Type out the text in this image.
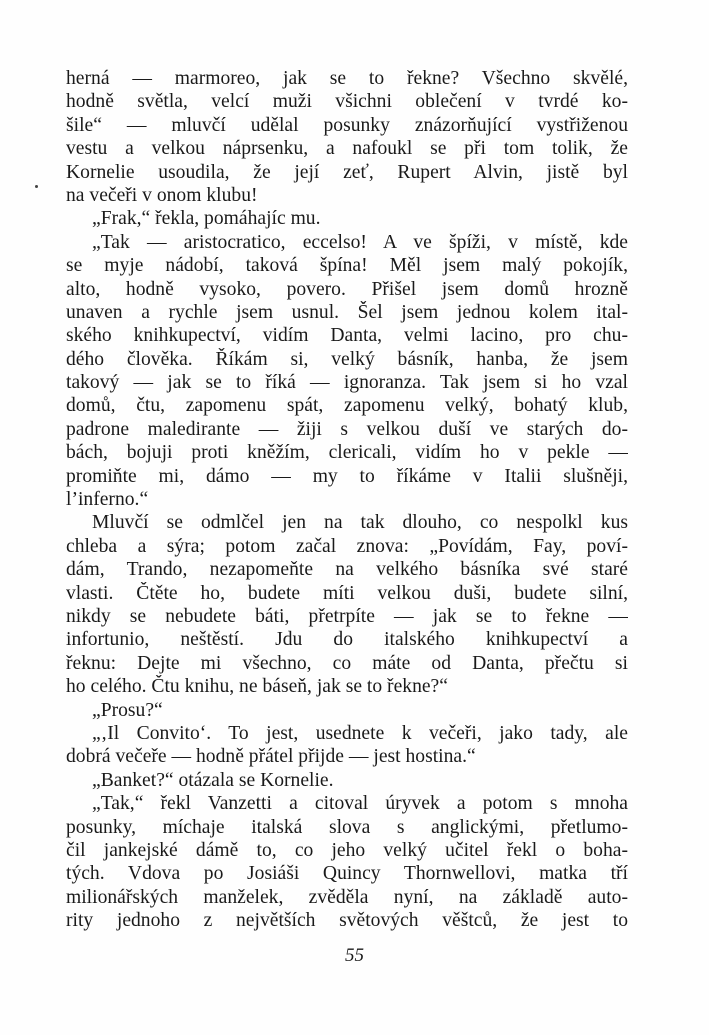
herná — marmoreo, jak se to řekne? Všechno skvělé,
hodně světla, velcí muži všichni oblečení v tvrdé ko-
šile“ — mluvčí udělal posunky znázorňující vystřiženou
vestu a velkou náprsenku, a nafoukl se při tom tolik, že
Kornelie usoudila, že její zeť, Rupert Alvin, jistě byl
na večeři v onom klubu!
„Frak,“ řekla, pomáhajíc mu.
„Tak — aristocratico, eccelso! A ve špíži, v místě, kde
se myje nádobí, taková špína! Měl jsem malý pokojík,
alto, hodně vysoko, povero. Přišel jsem domů hrozně
unaven a rychle jsem usnul. Šel jsem jednou kolem ital-
ského knihkupectví, vidím Danta, velmi lacino, pro chu-
dého člověka. Říkám si, velký básník, hanba, že jsem
takový — jak se to říká — ignoranza. Tak jsem si ho vzal
domů, čtu, zapomenu spát, zapomenu velký, bohatý klub,
padrone maledirante — žiji s velkou duší ve starých do-
bách, bojuji proti kněžím, clericali, vidím ho v pekle —
promiňte mi, dámo — my to říkáme v Italii slušněji,
l’inferno.“
Mluvčí se odmlčel jen na tak dlouho, co nespolkl kus
chleba a sýra; potom začal znova: „Povídám, Fay, poví-
dám, Trando, nezapomeňte na velkého básníka své staré
vlasti. Čtěte ho, budete míti velkou duši, budete silní,
nikdy se nebudete báti, přetrpíte — jak se to řekne —
infortunio, neštěstí. Jdu do italského knihkupectví a
řeknu: Dejte mi všechno, co máte od Danta, přečtu si
ho celého. Čtu knihu, ne báseň, jak se to řekne?“
„Prosu?“
„‚Il Convito‘. To jest, usednete k večeři, jako tady, ale
dobrá večeře — hodně přátel přijde — jest hostina.“
„Banket?“ otázala se Kornelie.
„Tak,“ řekl Vanzetti a citoval úryvek a potom s mnoha
posunky, míchaje italská slova s anglickými, přetlumo-
čil jankejské dámě to, co jeho velký učitel řekl o boha-
tých. Vdova po Josiáši Quincy Thornwellovi, matka tří
milionářských manželek, zvěděla nyní, na základě auto-
rity jednoho z největších světových věštců, že jest to
55
